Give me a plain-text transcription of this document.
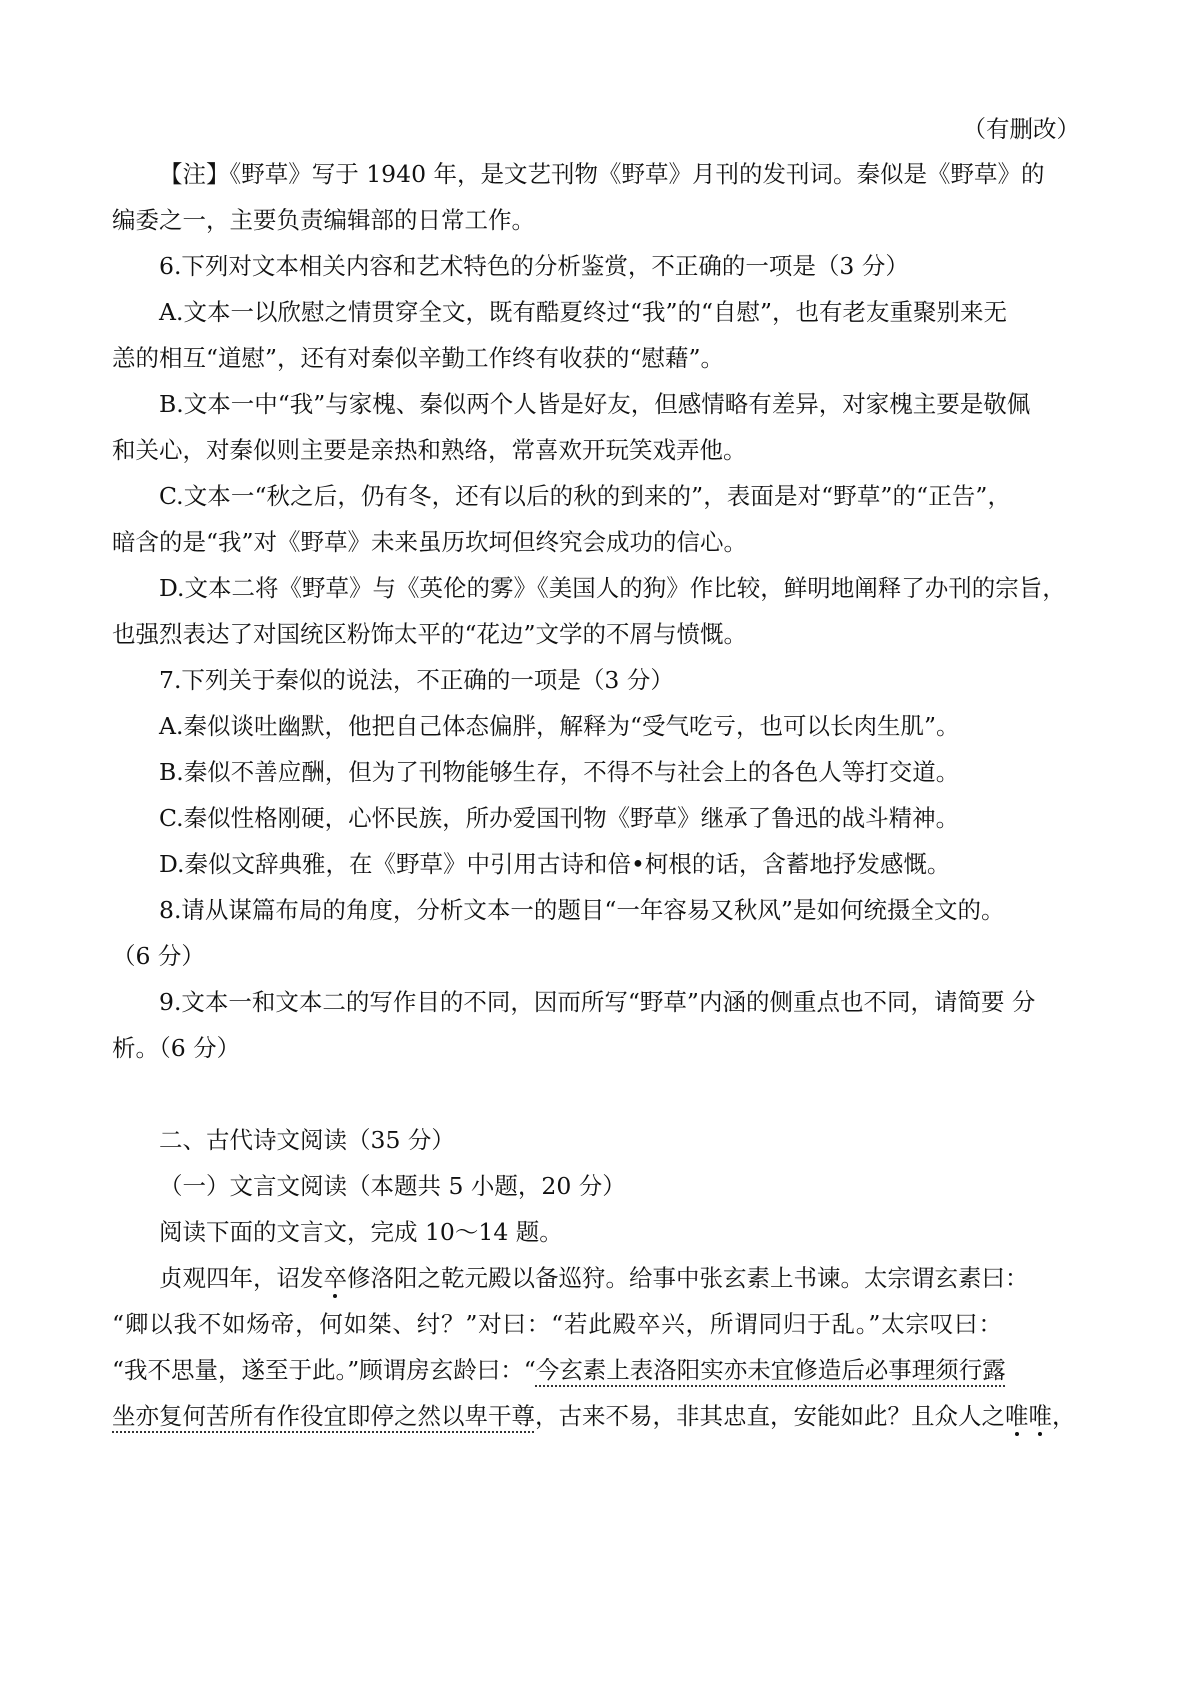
（有删改）
【注】《野草》写于 1940 年，是文艺刊物《野草》月刊的发刊词。秦似是《野草》的
编委之一，主要负责编辑部的日常工作。
6.下列对文本相关内容和艺术特色的分析鉴赏，不正确的一项是（3 分）
A.文本一以欣慰之情贯穿全文，既有酷夏终过“我”的“自慰”，也有老友重聚别来无
恙的相互“道慰”，还有对秦似辛勤工作终有收获的“慰藉”。
B.文本一中“我”与家槐、秦似两个人皆是好友，但感情略有差异，对家槐主要是敬佩
和关心，对秦似则主要是亲热和熟络，常喜欢开玩笑戏弄他。
C.文本一“秋之后，仍有冬，还有以后的秋的到来的”，表面是对“野草”的“正告”，
暗含的是“我”对《野草》未来虽历坎坷但终究会成功的信心。
D.文本二将《野草》与《英伦的雾》《美国人的狗》作比较，鲜明地阐释了办刊的宗旨，
也强烈表达了对国统区粉饰太平的“花边”文学的不屑与愤慨。
7.下列关于秦似的说法，不正确的一项是（3 分）
A.秦似谈吐幽默，他把自己体态偏胖，解释为“受气吃亏，也可以长肉生肌”。
B.秦似不善应酬，但为了刊物能够生存，不得不与社会上的各色人等打交道。
C.秦似性格刚硬，心怀民族，所办爱国刊物《野草》继承了鲁迅的战斗精神。
D.秦似文辞典雅，在《野草》中引用古诗和倍•柯根的话，含蓄地抒发感慨。
8.请从谋篇布局的角度，分析文本一的题目“一年容易又秋风”是如何统摄全文的。
（6 分）
9.文本一和文本二的写作目的不同，因而所写“野草”内涵的侧重点也不同，请简要 分
析。（6 分）
二、古代诗文阅读（35 分）
（一）文言文阅读（本题共 5 小题，20 分）
阅读下面的文言文，完成 10～14 题。
贞观四年，诏发卒修洛阳之乾元殿以备巡狩。给事中张玄素上书谏。太宗谓玄素曰：
“卿以我不如炀帝，何如桀、纣？”对曰：“若此殿卒兴，所谓同归于乱。”太宗叹曰：
“我不思量，遂至于此。”顾谓房玄龄曰：“今玄素上表洛阳实亦未宜修造后必事理须行露
坐亦复何苦所有作役宜即停之然以卑干尊，古来不易，非其忠直，安能如此？且众人之唯唯，
